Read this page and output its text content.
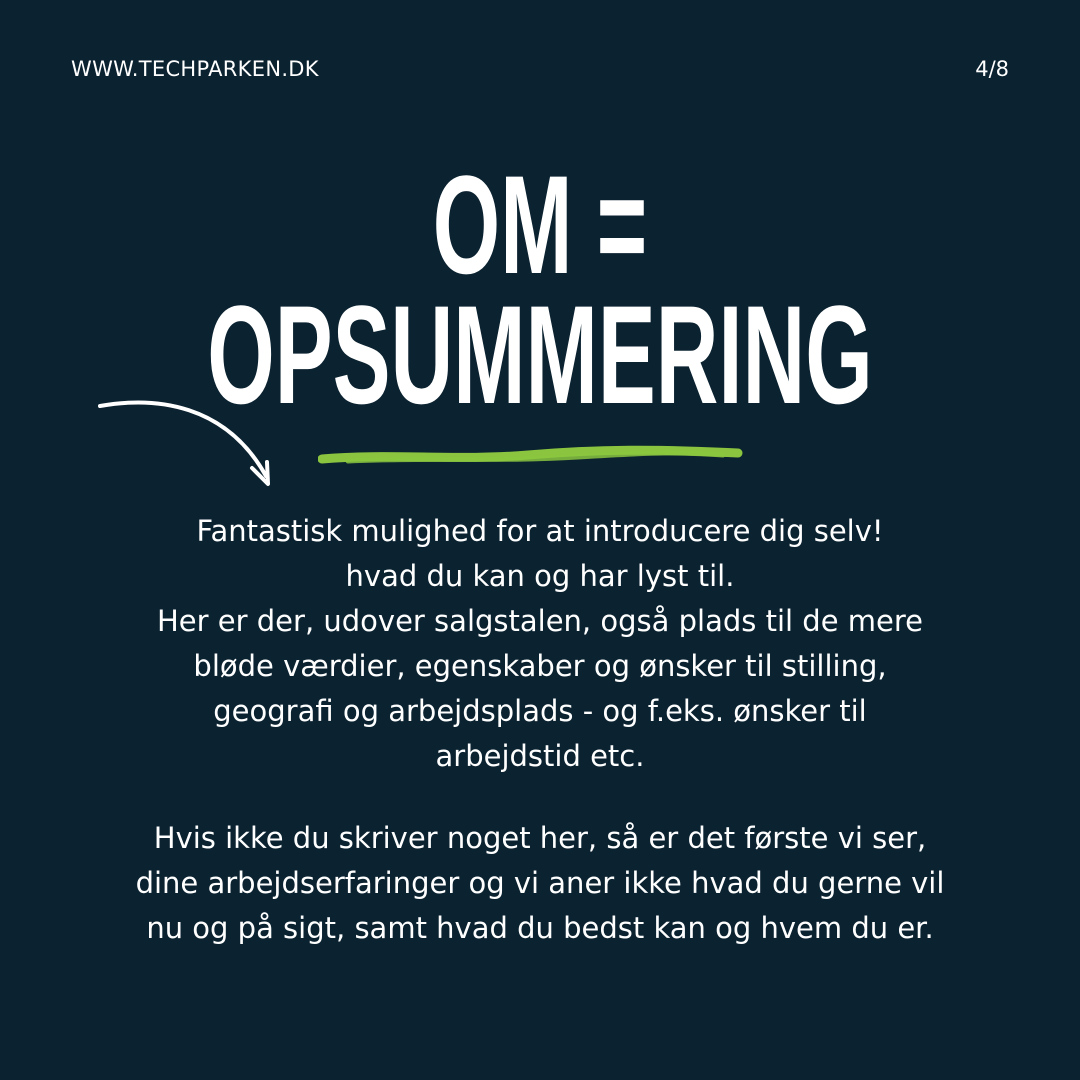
WWW.TECHPARKEN.DK	4/8
OM =
OPSUMMERING

Fantastisk mulighed for at introducere dig selv!
hvad du kan og har lyst til.
Her er der, udover salgstalen, også plads til de mere
bløde værdier, egenskaber og ønsker til stilling,
geografi og arbejdsplads - og f.eks. ønsker til
arbejdstid etc.

Hvis ikke du skriver noget her, så er det første vi ser,
dine arbejdserfaringer og vi aner ikke hvad du gerne vil
nu og på sigt, samt hvad du bedst kan og hvem du er.
